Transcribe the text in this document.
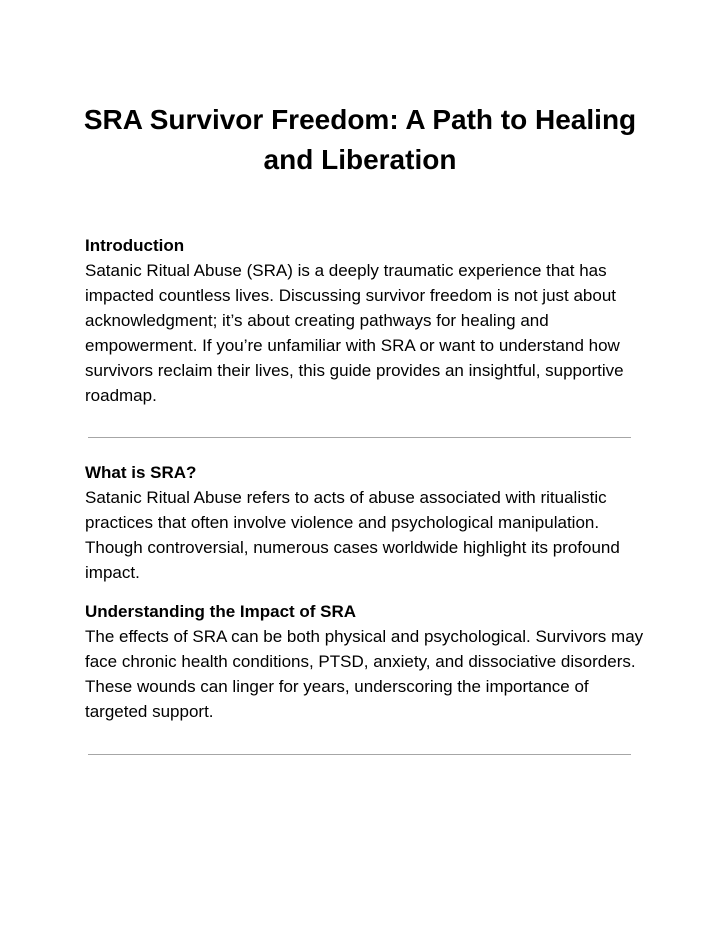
SRA Survivor Freedom: A Path to Healing and Liberation

Introduction

Satanic Ritual Abuse (SRA) is a deeply traumatic experience that has impacted countless lives. Discussing survivor freedom is not just about acknowledgment; it’s about creating pathways for healing and empowerment. If you’re unfamiliar with SRA or want to understand how survivors reclaim their lives, this guide provides an insightful, supportive roadmap.

What is SRA?

Satanic Ritual Abuse refers to acts of abuse associated with ritualistic practices that often involve violence and psychological manipulation. Though controversial, numerous cases worldwide highlight its profound impact.

Understanding the Impact of SRA

The effects of SRA can be both physical and psychological. Survivors may face chronic health conditions, PTSD, anxiety, and dissociative disorders. These wounds can linger for years, underscoring the importance of targeted support.
